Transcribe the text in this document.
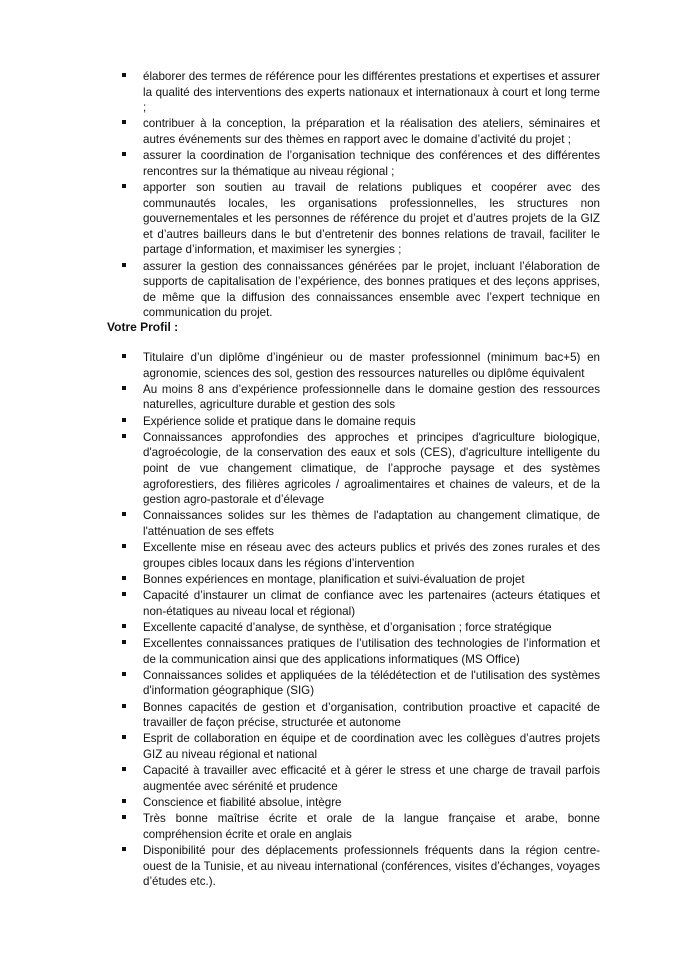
élaborer des termes de référence pour les différentes prestations et expertises et assurer la qualité des interventions des experts nationaux et internationaux à court et long terme ;
contribuer à la conception, la préparation et la réalisation des ateliers, séminaires et autres événements sur des thèmes en rapport avec le domaine d’activité du projet ;
assurer la coordination de l’organisation technique des conférences et des différentes rencontres sur la thématique au niveau régional ;
apporter son soutien au travail de relations publiques et coopérer avec des communautés locales, les organisations professionnelles, les structures non gouvernementales et les personnes de référence du projet et d’autres projets de la GIZ et d’autres bailleurs dans le but d’entretenir des bonnes relations de travail, faciliter le partage d’information, et maximiser les synergies ;
assurer la gestion des connaissances générées par le projet, incluant l’élaboration de supports de capitalisation de l’expérience, des bonnes pratiques et des leçons apprises, de même que la diffusion des connaissances ensemble avec l’expert technique en communication du projet.
Votre Profil :
Titulaire d’un diplôme d’ingénieur ou de master professionnel (minimum bac+5) en agronomie, sciences des sol, gestion des ressources naturelles ou diplôme équivalent
Au moins 8 ans d’expérience professionnelle dans le domaine gestion des ressources naturelles, agriculture durable et gestion des sols
Expérience solide et pratique dans le domaine requis
Connaissances approfondies des approches et principes d'agriculture biologique, d'agroécologie, de la conservation des eaux et sols (CES), d'agriculture intelligente du point de vue changement climatique, de l’approche paysage et des systèmes agroforestiers, des filières agricoles / agroalimentaires et chaines de valeurs, et de la gestion agro-pastorale et d’élevage
Connaissances solides sur les thèmes de l'adaptation au changement climatique, de l'atténuation de ses effets
Excellente mise en réseau avec des acteurs publics et privés des zones rurales et des groupes cibles locaux dans les régions d’intervention
Bonnes expériences en montage, planification et suivi-évaluation de projet
Capacité d’instaurer un climat de confiance avec les partenaires (acteurs étatiques et non-étatiques au niveau local et régional)
Excellente capacité d’analyse, de synthèse, et d’organisation ; force stratégique
Excellentes connaissances pratiques de l’utilisation des technologies de l’information et de la communication ainsi que des applications informatiques (MS Office)
Connaissances solides et appliquées de la télédétection et de l'utilisation des systèmes d'information géographique (SIG)
Bonnes capacités de gestion et d’organisation, contribution proactive et capacité de travailler de façon précise, structurée et autonome
Esprit de collaboration en équipe et de coordination avec les collègues d’autres projets GIZ au niveau régional et national
Capacité à travailler avec efficacité et à gérer le stress et une charge de travail parfois augmentée avec sérénité et prudence
Conscience et fiabilité absolue, intègre
Très bonne maîtrise écrite et orale de la langue française et arabe, bonne compréhension écrite et orale en anglais
Disponibilité pour des déplacements professionnels fréquents dans la région centre-ouest de la Tunisie, et au niveau international (conférences, visites d’échanges, voyages d’études etc.).
